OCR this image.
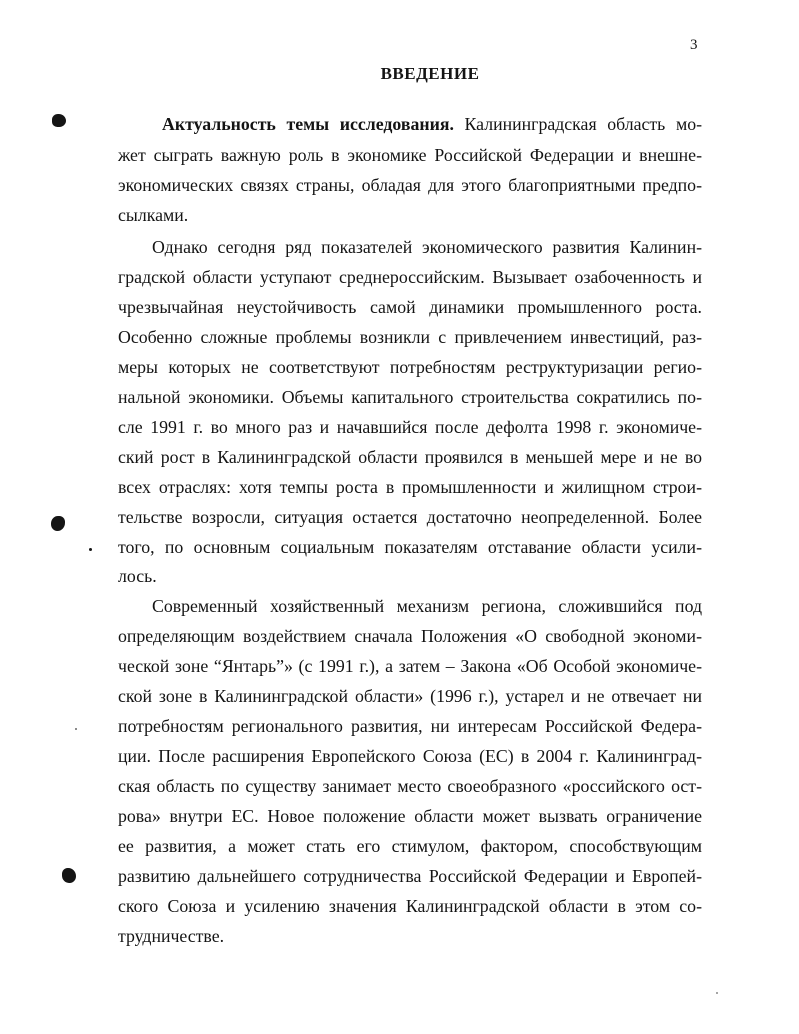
3
ВВЕДЕНИЕ
Актуальность темы исследования. Калининградская область мо-
жет сыграть важную роль в экономике Российской Федерации и внешне-
экономических связях страны, обладая для этого благоприятными предпо-
сылками.
Однако сегодня ряд показателей экономического развития Калинин-
градской области уступают среднероссийским. Вызывает озабоченность и
чрезвычайная неустойчивость самой динамики промышленного роста.
Особенно сложные проблемы возникли с привлечением инвестиций, раз-
меры которых не соответствуют потребностям реструктуризации регио-
нальной экономики. Объемы капитального строительства сократились по-
сле 1991 г. во много раз и начавшийся после дефолта 1998 г. экономиче-
ский рост в Калининградской области проявился в меньшей мере и не во
всех отраслях: хотя темпы роста в промышленности и жилищном строи-
тельстве возросли, ситуация остается достаточно неопределенной. Более
того, по основным социальным показателям отставание области усили-
лось.
Современный хозяйственный механизм региона, сложившийся под
определяющим воздействием сначала Положения «О свободной экономи-
ческой зоне “Янтарь”» (с 1991 г.), а затем – Закона «Об Особой экономиче-
ской зоне в Калининградской области» (1996 г.), устарел и не отвечает ни
потребностям регионального развития, ни интересам Российской Федера-
ции. После расширения Европейского Союза (ЕС) в 2004 г. Калининград-
ская область по существу занимает место своеобразного «российского ост-
рова» внутри ЕС. Новое положение области может вызвать ограничение
ее развития, а может стать его стимулом, фактором, способствующим
развитию дальнейшего сотрудничества Российской Федерации и Европей-
ского Союза и усилению значения Калининградской области в этом со-
трудничестве.
